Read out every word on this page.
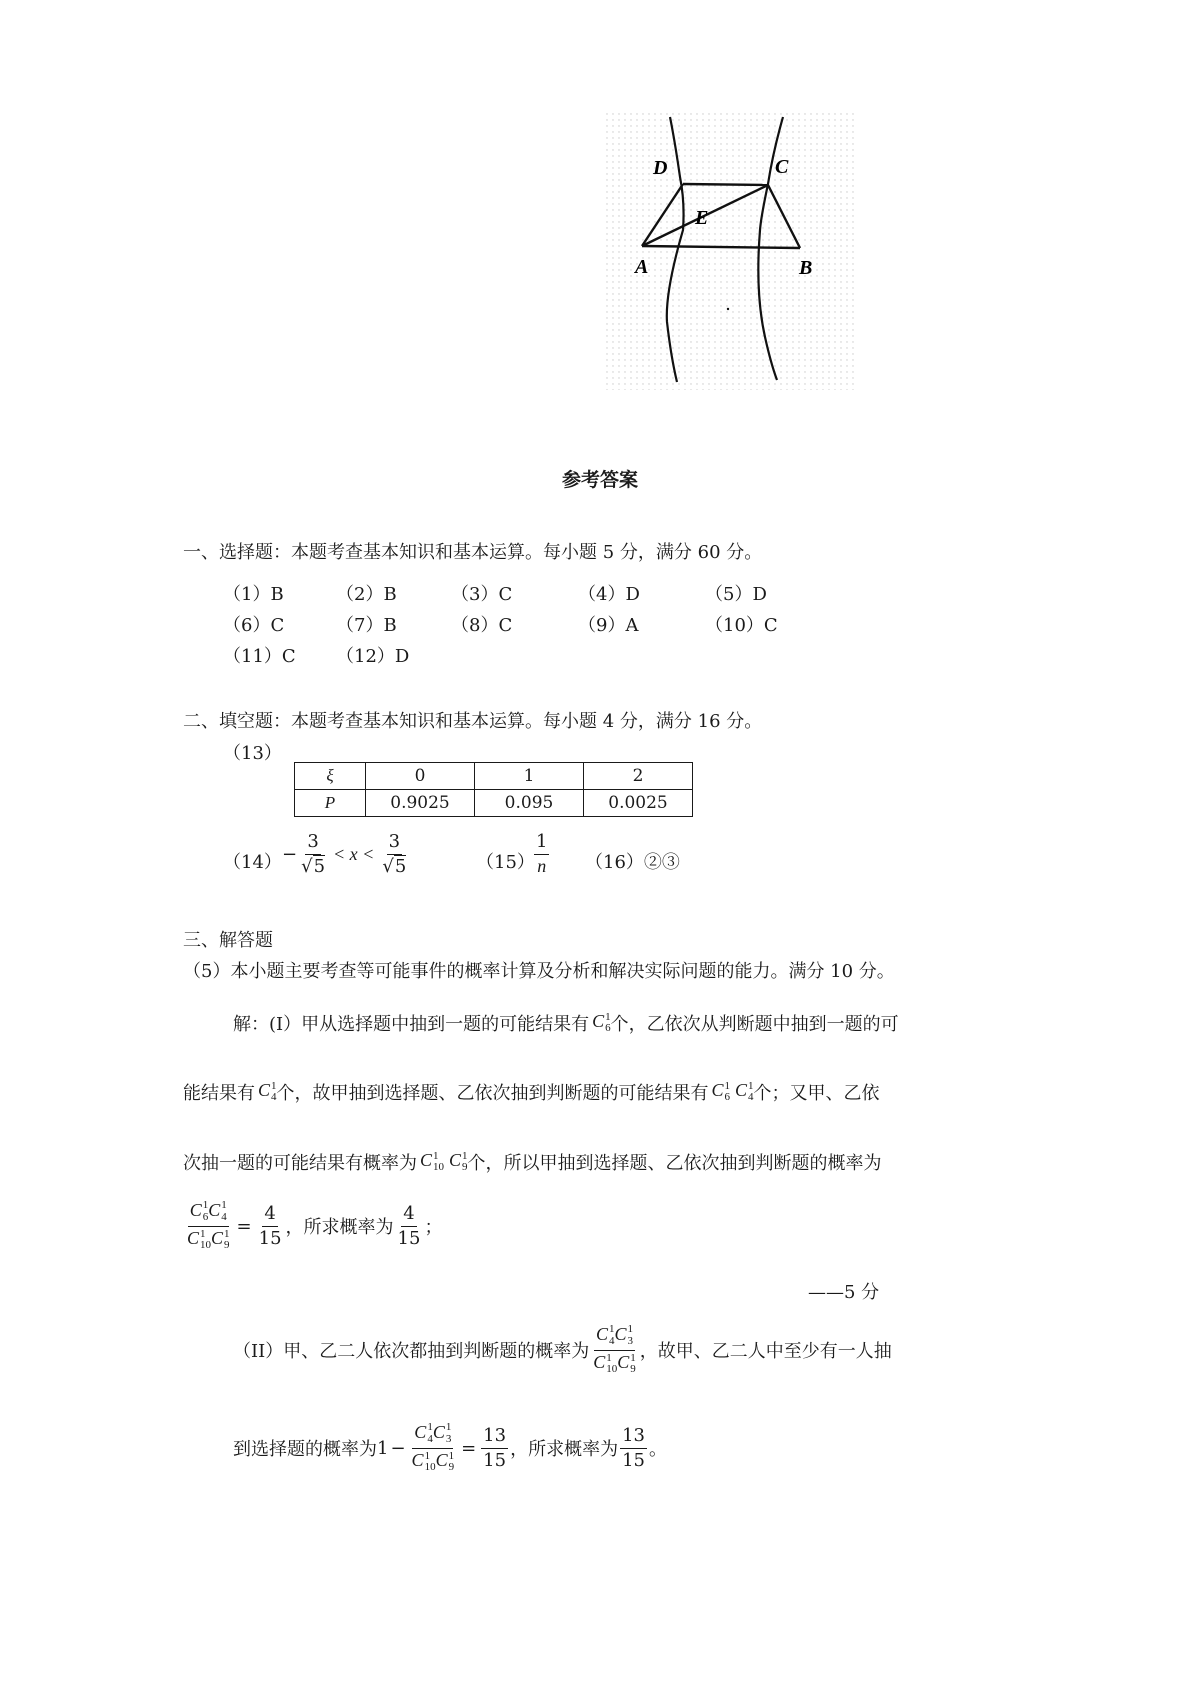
D	C
E
A	B
参考答案
一、选择题：本题考查基本知识和基本运算。每小题 5 分，满分 60 分。
（1）B	（2）B	（3）C	（4）D	（5）D
（6）C	（7）B	（8）C	（9）A	（10）C
（11）C （12）D
二、填空题：本题考查基本知识和基本运算。每小题 4 分，满分 16 分。
（13）
ξ	0	1	2
P	0.9025	0.095	0.0025
$(14) - \frac{3}{√5} < x < \frac{3}{√5}$	$(15) \frac{1}{n}$ （16）②③
三、解答题
（5）本小题主要考查等可能事件的概率计算及分析和解决实际问题的能力。满分 10 分。
解：(I）甲从选择题中抽到一题的可能结果有 C 1
6 个，乙依次从判断题中抽到一题的可
能结果有 C 1
4 个，故甲抽到选择题、乙依次抽到判断题的可能结果有 C 1
6 C 1
4 个；又甲、乙依
次抽一题的可能结果有概率为 C 1
10 C 1
9 个，所以甲抽到选择题、乙依次抽到判断题的概率为
C 1
6 C 1
4
C 1
10 C 1
$9 = \frac{4}{15}$ ，所求概率为 $\frac{4}{15}$ ；
——5 分
（II）甲、乙二人依次都抽到判断题的概率为 C 1
4 C 1
3
C 1
10 C 1
9 ，故甲、乙二人中至少有一人抽
到选择题的概率为 1 − C 1
4 C 1
3
C 1
10 C 1
$9 = \frac{13}{15}$ ，所求概率为 $\frac{13}{15}$ 。
